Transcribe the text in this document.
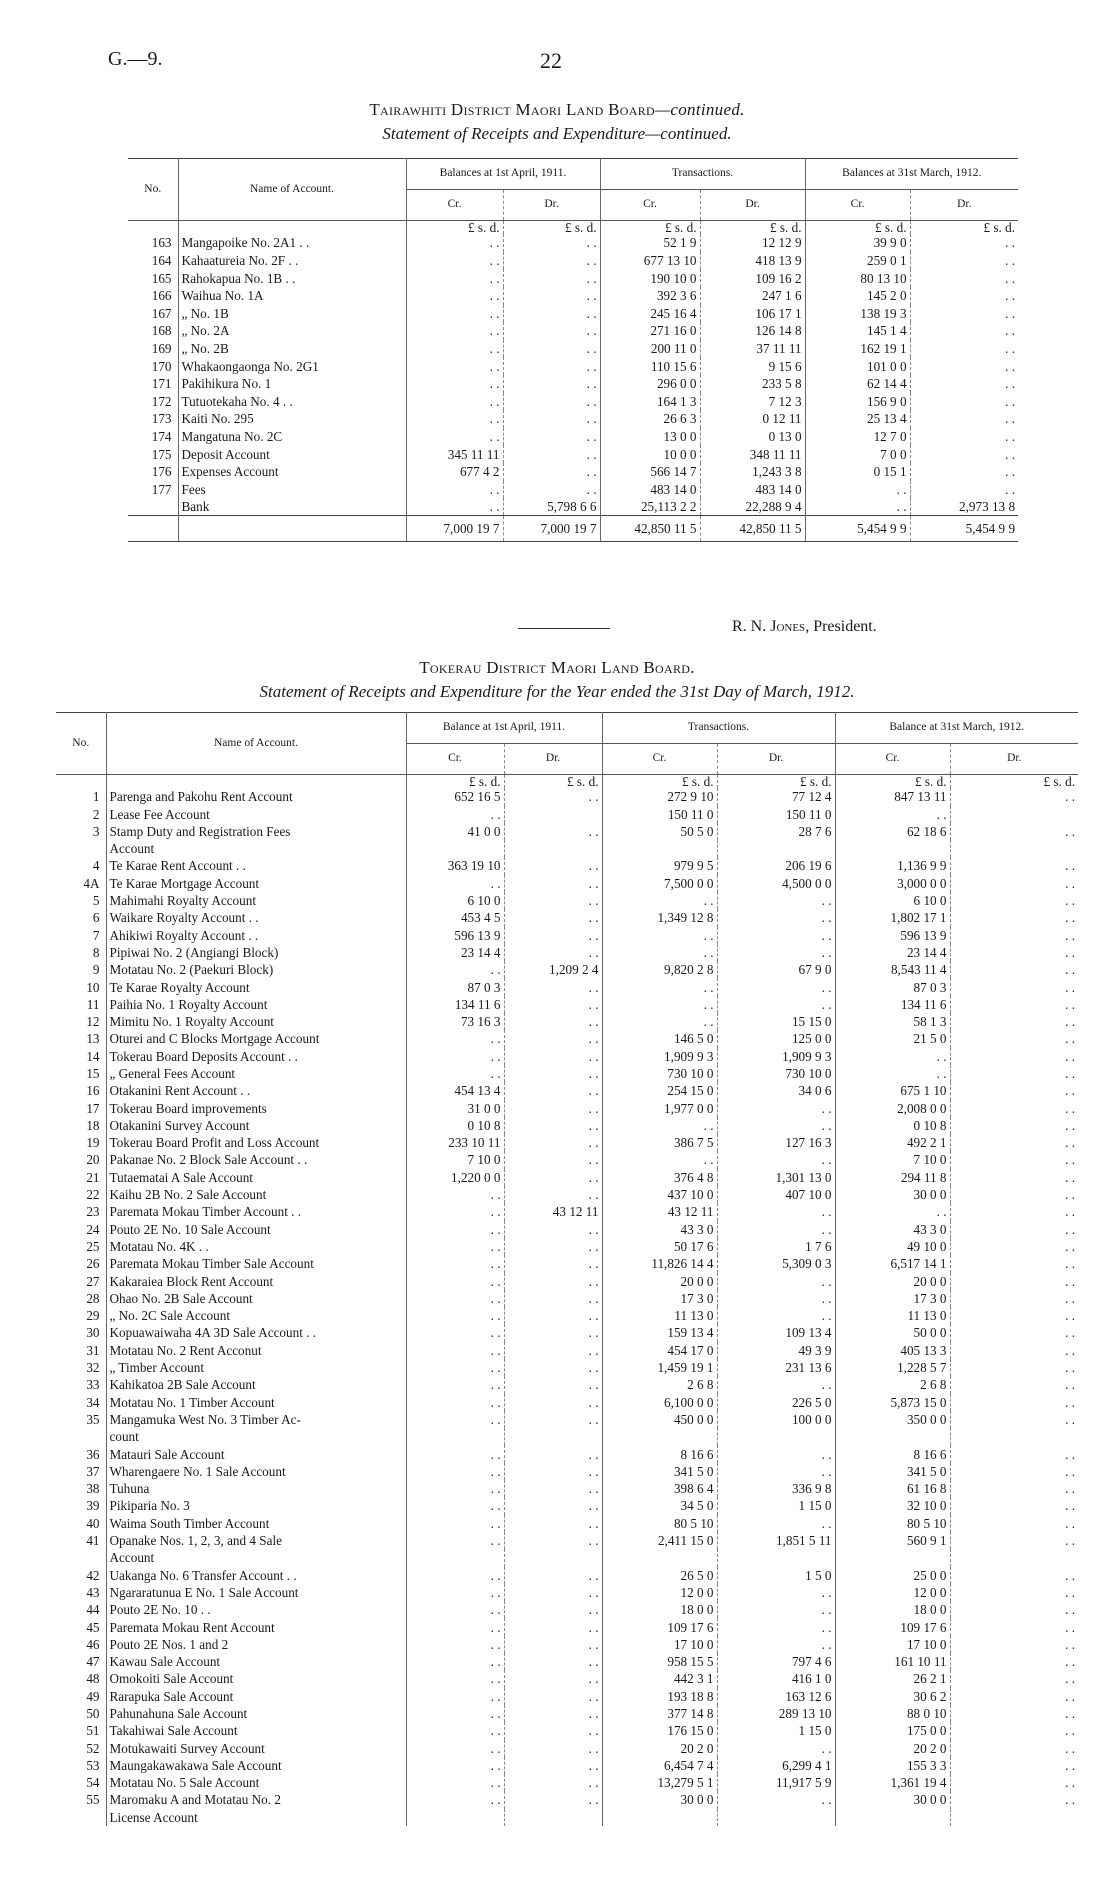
G.—9.	22
Tairawhiti District Maori Land Board—continued.
Statement of Receipts and Expenditure—continued.
No.	Name of Account.	Balances at 1st April, 1911.		Transactions.		Balances at 31st March, 1912.	
		Cr.	Dr.	Cr.	Dr.	Cr.	Dr.
		£ s. d.	£ s. d.	£ s. d.	£ s. d.	£ s. d.	£ s. d.
163	Mangapoike No. 2A1 . .	. .	. .	52 1 9	12 12 9	39 9 0	. .
164	Kahaatureia No. 2F . .	. .	. .	677 13 10	418 13 9	259 0 1	. .
165	Rahokapua No. 1B . .	. .	. .	190 10 0	109 16 2	80 13 10	. .
166	Waihua No. 1A	. .	. .	392 3 6	247 1 6	145 2 0	. .
167	„ No. 1B	. .	. .	245 16 4	106 17 1	138 19 3	. .
168	„ No. 2A	. .	. .	271 16 0	126 14 8	145 1 4	. .
169	„ No. 2B	. .	. .	200 11 0	37 11 11	162 19 1	. .
170	Whakaongaonga No. 2G1	. .	. .	110 15 6	9 15 6	101 0 0	. .
171	Pakihikura No. 1	. .	. .	296 0 0	233 5 8	62 14 4	. .
172	Tutuotekaha No. 4 . .	. .	. .	164 1 3	7 12 3	156 9 0	. .
173	Kaiti No. 295	. .	. .	26 6 3	0 12 11	25 13 4	. .
174	Mangatuna No. 2C	. .	. .	13 0 0	0 13 0	12 7 0	. .
175	Deposit Account	345 11 11	. .	10 0 0	348 11 11	7 0 0	. .
176	Expenses Account	677 4 2	. .	566 14 7	1,243 3 8	0 15 1	. .
177	Fees	. .	. .	483 14 0	483 14 0	. .	. .
	Bank	. .	5,798 6 6	25,113 2 2	22,288 9 4	. .	2,973 13 8
		7,000 19 7	7,000 19 7	42,850 11 5	42,850 11 5	5,454 9 9	5,454 9 9
R. N. Jones, President.
Tokerau District Maori Land Board.
Statement of Receipts and Expenditure for the Year ended the 31st Day of March, 1912.
No.	Name of Account.	Balance at 1st April, 1911.		Transactions.		Balance at 31st March, 1912.	
		Cr.	Dr.	Cr.	Dr.	Cr.	Dr.
		£ s. d.	£ s. d.	£ s. d.	£ s. d.	£ s. d.	£ s. d.
1	Parenga and Pakohu Rent Account	652 16 5	. .	272 9 10	77 12 4	847 13 11	. .
2	Lease Fee Account	. .		150 11 0	150 11 0	. .	
3	Stamp Duty and Registration Fees	41 0 0	. .	50 5 0	28 7 6	62 18 6	. .
	Account						
4	Te Karae Rent Account . .	363 19 10	. .	979 9 5	206 19 6	1,136 9 9	. .
4A	Te Karae Mortgage Account	. .	. .	7,500 0 0	4,500 0 0	3,000 0 0	. .
5	Mahimahi Royalty Account	6 10 0	. .	. .	. .	6 10 0	. .
6	Waikare Royalty Account . .	453 4 5	. .	1,349 12 8	. .	1,802 17 1	. .
7	Ahikiwi Royalty Account . .	596 13 9	. .	. .	. .	596 13 9	. .
8	Pipiwai No. 2 (Angiangi Block)	23 14 4	. .	. .	. .	23 14 4	. .
9	Motatau No. 2 (Paekuri Block)	. .	1,209 2 4	9,820 2 8	67 9 0	8,543 11 4	. .
10	Te Karae Royalty Account	87 0 3	. .	. .	. .	87 0 3	. .
11	Paihia No. 1 Royalty Account	134 11 6	. .	. .	. .	134 11 6	. .
12	Mimitu No. 1 Royalty Account	73 16 3	. .	. .	15 15 0	58 1 3	. .
13	Oturei and C Blocks Mortgage Account	. .	. .	146 5 0	125 0 0	21 5 0	. .
14	Tokerau Board Deposits Account . .	. .	. .	1,909 9 3	1,909 9 3	. .	. .
15	„ General Fees Account	. .	. .	730 10 0	730 10 0	. .	. .
16	Otakanini Rent Account . .	454 13 4	. .	254 15 0	34 0 6	675 1 10	. .
17	Tokerau Board improvements	31 0 0	. .	1,977 0 0	. .	2,008 0 0	. .
18	Otakanini Survey Account	0 10 8	. .	. .	. .	0 10 8	. .
19	Tokerau Board Profit and Loss Account	233 10 11	. .	386 7 5	127 16 3	492 2 1	. .
20	Pakanae No. 2 Block Sale Account . .	7 10 0	. .	. .	. .	7 10 0	. .
21	Tutaematai A Sale Account	1,220 0 0	. .	376 4 8	1,301 13 0	294 11 8	. .
22	Kaihu 2B No. 2 Sale Account	. .	. .	437 10 0	407 10 0	30 0 0	. .
23	Paremata Mokau Timber Account . .	. .	43 12 11	43 12 11	. .	. .	. .
24	Pouto 2E No. 10 Sale Account	. .	. .	43 3 0	. .	43 3 0	. .
25	Motatau No. 4K . .	. .	. .	50 17 6	1 7 6	49 10 0	. .
26	Paremata Mokau Timber Sale Account	. .	. .	11,826 14 4	5,309 0 3	6,517 14 1	. .
27	Kakaraiea Block Rent Account	. .	. .	20 0 0	. .	20 0 0	. .
28	Ohao No. 2B Sale Account	. .	. .	17 3 0	. .	17 3 0	. .
29	„ No. 2C Sale Account	. .	. .	11 13 0	. .	11 13 0	. .
30	Kopuawaiwaha 4A 3D Sale Account . .	. .	. .	159 13 4	109 13 4	50 0 0	. .
31	Motatau No. 2 Rent Acconut	. .	. .	454 17 0	49 3 9	405 13 3	. .
32	„ Timber Account	. .	. .	1,459 19 1	231 13 6	1,228 5 7	. .
33	Kahikatoa 2B Sale Account	. .	. .	2 6 8	. .	2 6 8	. .
34	Motatau No. 1 Timber Account	. .	. .	6,100 0 0	226 5 0	5,873 15 0	. .
35	Mangamuka West No. 3 Timber Ac-	. .	. .	450 0 0	100 0 0	350 0 0	. .
	count						
36	Matauri Sale Account	. .	. .	8 16 6	. .	8 16 6	. .
37	Wharengaere No. 1 Sale Account	. .	. .	341 5 0	. .	341 5 0	. .
38	Tuhuna	. .	. .	398 6 4	336 9 8	61 16 8	. .
39	Pikiparia No. 3	. .	. .	34 5 0	1 15 0	32 10 0	. .
40	Waima South Timber Account	. .	. .	80 5 10	. .	80 5 10	. .
41	Opanake Nos. 1, 2, 3, and 4 Sale	. .	. .	2,411 15 0	1,851 5 11	560 9 1	. .
	Account						
42	Uakanga No. 6 Transfer Account . .	. .	. .	26 5 0	1 5 0	25 0 0	. .
43	Ngararatunua E No. 1 Sale Account	. .	. .	12 0 0	. .	12 0 0	. .
44	Pouto 2E No. 10 . .	. .	. .	18 0 0	. .	18 0 0	. .
45	Paremata Mokau Rent Account	. .	. .	109 17 6	. .	109 17 6	. .
46	Pouto 2E Nos. 1 and 2	. .	. .	17 10 0	. .	17 10 0	. .
47	Kawau Sale Account	. .	. .	958 15 5	797 4 6	161 10 11	. .
48	Omokoiti Sale Account	. .	. .	442 3 1	416 1 0	26 2 1	. .
49	Rarapuka Sale Account	. .	. .	193 18 8	163 12 6	30 6 2	. .
50	Pahunahuna Sale Account	. .	. .	377 14 8	289 13 10	88 0 10	. .
51	Takahiwai Sale Account	. .	. .	176 15 0	1 15 0	175 0 0	. .
52	Motukawaiti Survey Account	. .	. .	20 2 0	. .	20 2 0	. .
53	Maungakawakawa Sale Account	. .	. .	6,454 7 4	6,299 4 1	155 3 3	. .
54	Motatau No. 5 Sale Account	. .	. .	13,279 5 1	11,917 5 9	1,361 19 4	. .
55	Maromaku A and Motatau No. 2	. .	. .	30 0 0	. .	30 0 0	. .
	License Account						
